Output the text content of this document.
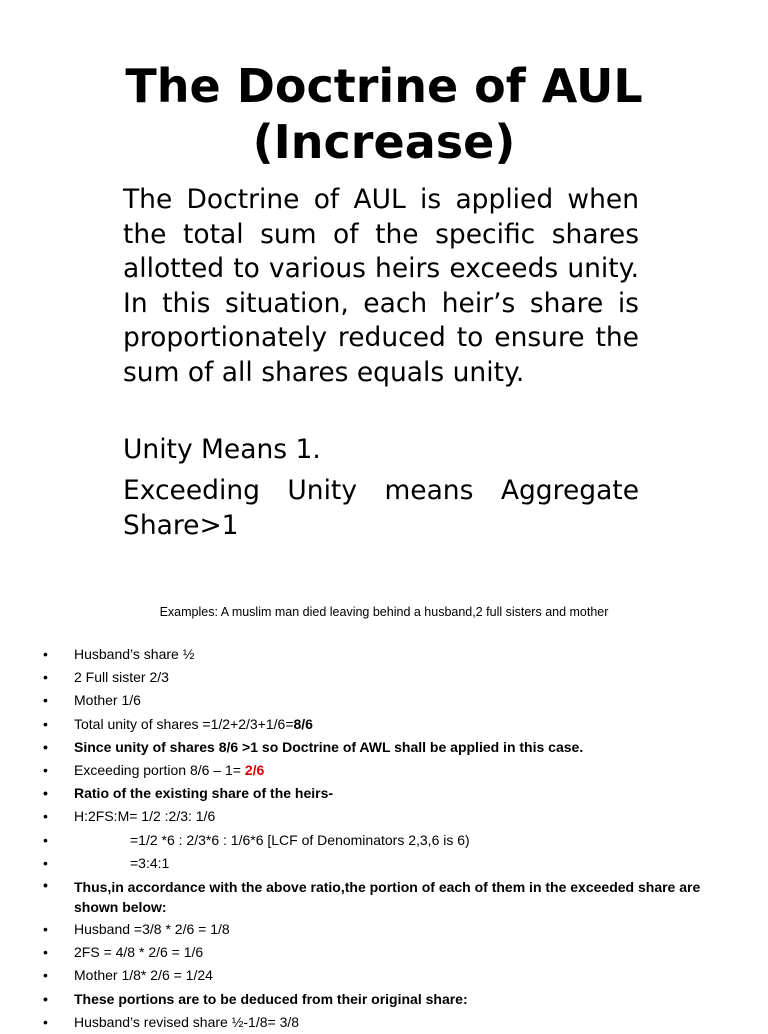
The Doctrine of AUL
(Increase)
The Doctrine of AUL is applied when the total sum of the specific shares allotted to various heirs exceeds unity. In this situation, each heir’s share is proportionately reduced to ensure the sum of all shares equals unity.
Unity Means 1.
Exceeding Unity means Aggregate Share>1
Examples: A muslim man died leaving behind a husband,2 full sisters and mother
• Husband’s share ½
• 2 Full sister 2/3
• Mother 1/6
• Total unity of shares =1/2+2/3+1/6=8/6
• Since unity of shares 8/6 >1 so Doctrine of AWL shall be applied in this case.
• Exceeding portion 8/6 – 1= 2/6
• Ratio of the existing share of the heirs-
• H:2FS:M= 1/2 :2/3: 1/6
•	=1/2 *6 : 2/3*6 : 1/6*6 [LCF of Denominators 2,3,6 is 6)
•	=3:4:1
• Thus,in accordance with the above ratio,the portion of each of them in the exceeded share are shown below:
• Husband =3/8 * 2/6 = 1/8
• 2FS = 4/8 * 2/6 = 1/6
• Mother 1/8* 2/6 = 1/24
• These portions are to be deduced from their original share:
• Husband’s revised share ½-1/8= 3/8
